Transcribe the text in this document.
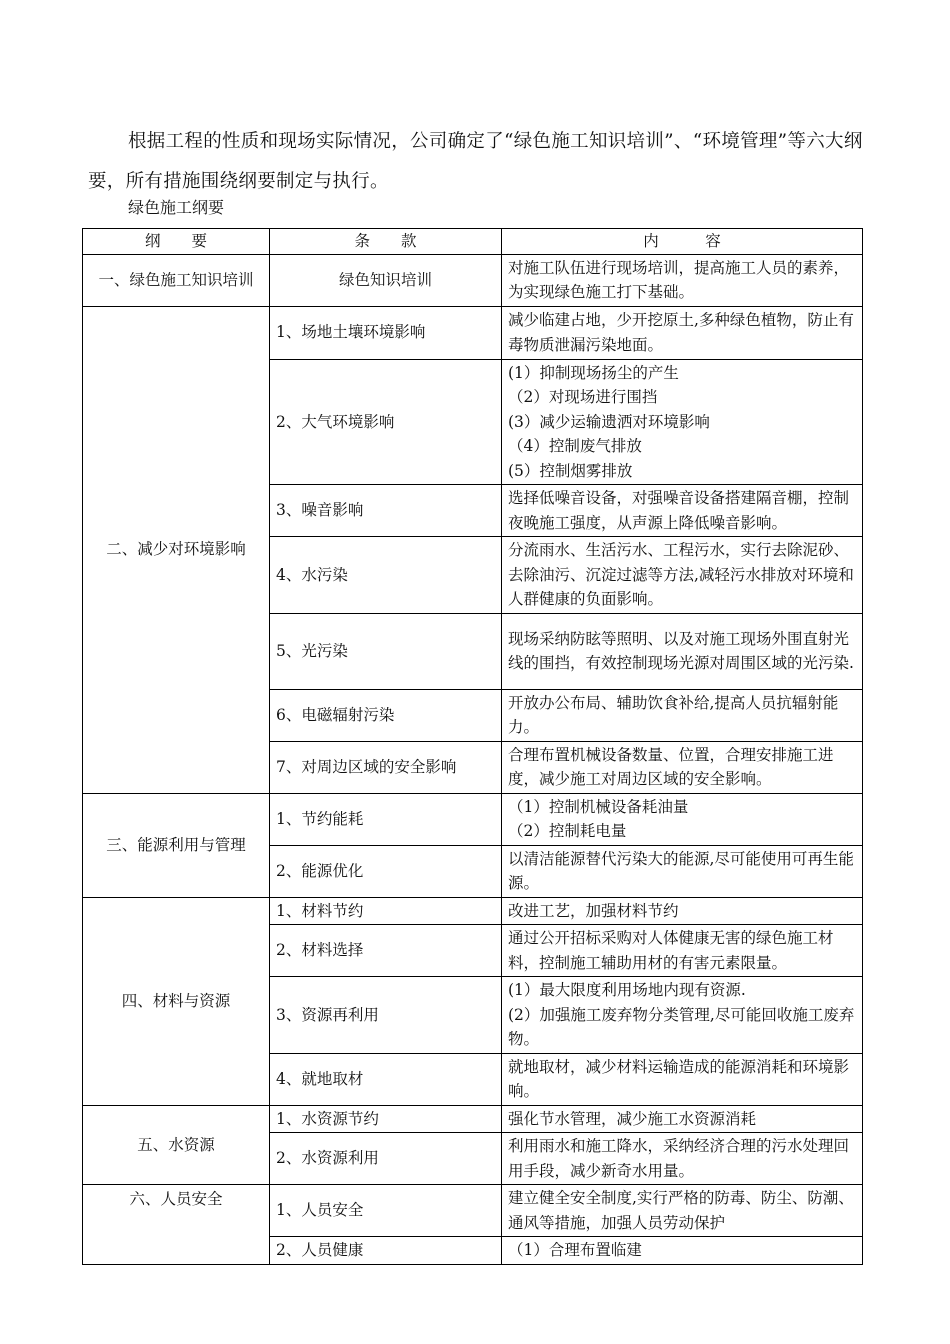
根据工程的性质和现场实际情况，公司确定了“绿色施工知识培训”、“环境管理”等六大纲要，所有措施围绕纲要制定与执行。
绿色施工纲要
纲　　要	条　　款	内　　　容
一、绿色施工知识培训	绿色知识培训	对施工队伍进行现场培训，提高施工人员的素养，为实现绿色施工打下基础。

二、减少对环境影响	1、场地土壤环境影响	减少临建占地，少开挖原土,多种绿色植物，防止有毒物质泄漏污染地面。

	2、大气环境影响	(1）抑制现场扬尘的产生
（2）对现场进行围挡
(3）减少运输遗洒对环境影响
（4）控制废气排放
(5）控制烟雾排放

	3、噪音影响	选择低噪音设备，对强噪音设备搭建隔音棚，控制夜晚施工强度，从声源上降低噪音影响。

	4、水污染	分流雨水、生活污水、工程污水，实行去除泥砂、去除油污、沉淀过滤等方法,减轻污水排放对环境和人群健康的负面影响。

	5、光污染	现场采纳防眩等照明、以及对施工现场外围直射光线的围挡，有效控制现场光源对周围区域的光污染.

	6、电磁辐射污染	开放办公布局、辅助饮食补给,提高人员抗辐射能力。

	7、对周边区域的安全影响	合理布置机械设备数量、位置，合理安排施工进度，减少施工对周边区域的安全影响。

三、能源利用与管理	1、节约能耗	（1）控制机械设备耗油量
（2）控制耗电量

	2、能源优化	以清洁能源替代污染大的能源,尽可能使用可再生能源。

四、材料与资源	1、材料节约	改进工艺，加强材料节约

	2、材料选择	通过公开招标采购对人体健康无害的绿色施工材料，控制施工辅助用材的有害元素限量。

	3、资源再利用	(1）最大限度利用场地内现有资源.
(2）加强施工废弃物分类管理,尽可能回收施工废弃物。

	4、就地取材	就地取材，减少材料运输造成的能源消耗和环境影响。

五、水资源	1、水资源节约	强化节水管理，减少施工水资源消耗

	2、水资源利用	利用雨水和施工降水，采纳经济合理的污水处理回用手段，减少新奇水用量。

六、人员安全	1、人员安全	建立健全安全制度,实行严格的防毒、防尘、防潮、通风等措施，加强人员劳动保护

	2、人员健康	（1）合理布置临建
